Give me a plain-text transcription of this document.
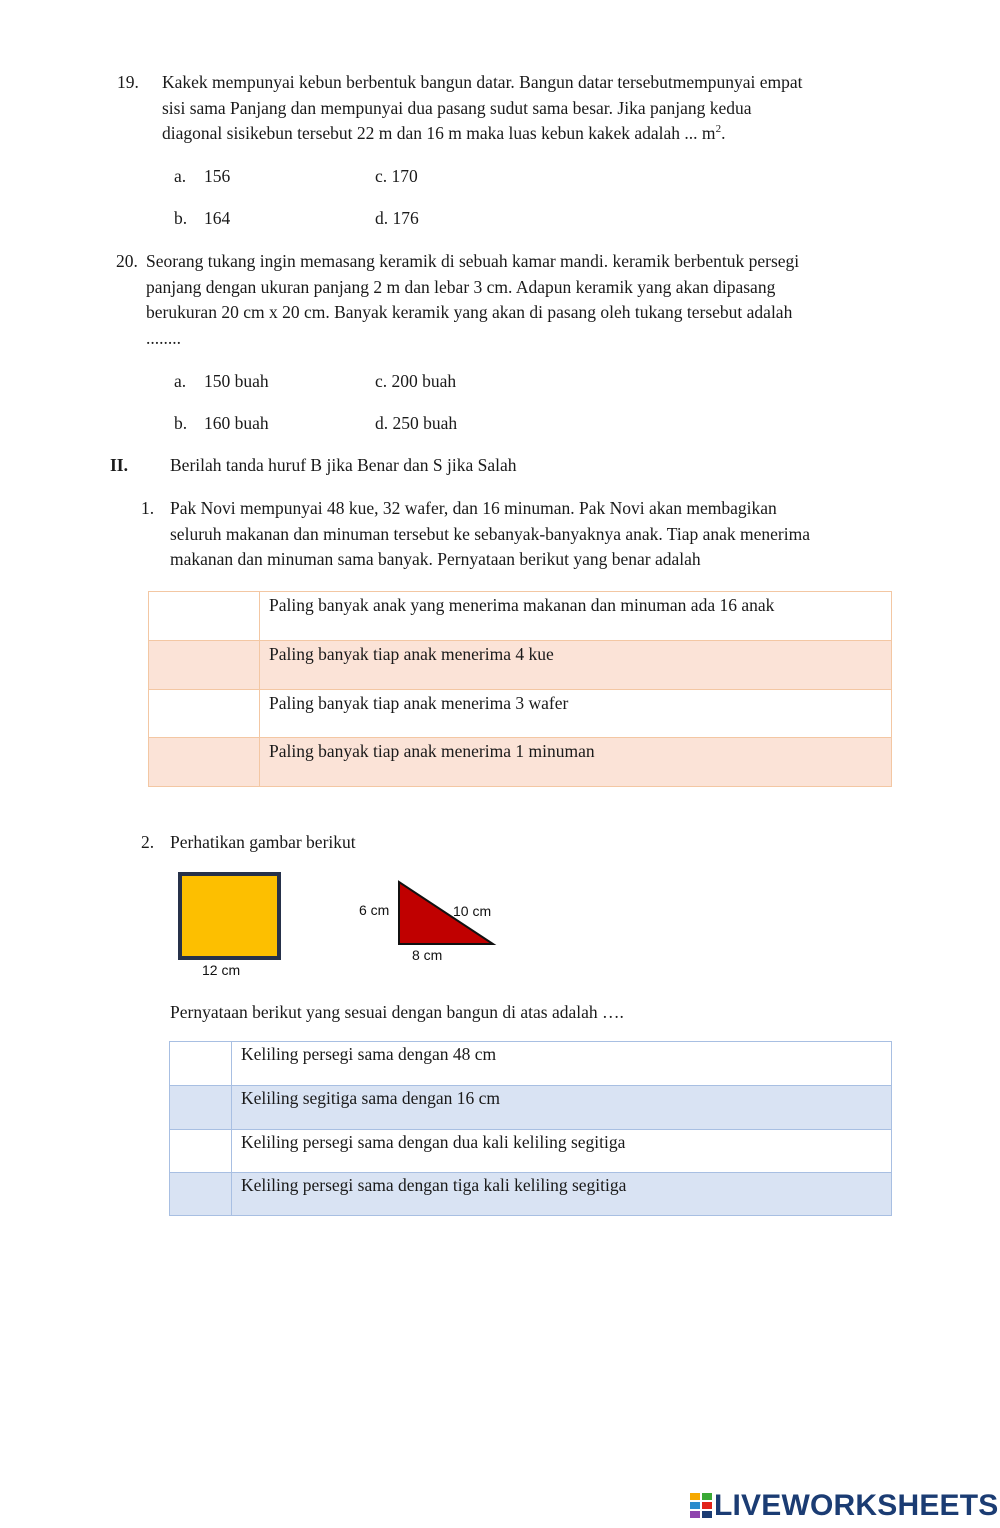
19. Kakek mempunyai kebun berbentuk bangun datar. Bangun datar tersebutmempunyai empat
sisi sama Panjang dan mempunyai dua pasang sudut sama besar. Jika panjang kedua
diagonal sisikebun tersebut 22 m dan 16 m maka luas kebun kakek adalah ... $m^2$.
a. 156	c. 170
b. 164	d. 176
20. Seorang tukang ingin memasang keramik di sebuah kamar mandi. keramik berbentuk persegi
panjang dengan ukuran panjang 2 m dan lebar 3 cm. Adapun keramik yang akan dipasang
berukuran 20 cm x 20 cm. Banyak keramik yang akan di pasang oleh tukang tersebut adalah
........
a. 150 buah	c. 200 buah
b. 160 buah	d. 250 buah
II. Berilah tanda huruf B jika Benar dan S jika Salah
1. Pak Novi mempunyai 48 kue, 32 wafer, dan 16 minuman. Pak Novi akan membagikan
seluruh makanan dan minuman tersebut ke sebanyak-banyaknya anak. Tiap anak menerima
makanan dan minuman sama banyak. Pernyataan berikut yang benar adalah
	Paling banyak anak yang menerima makanan dan minuman ada 16 anak
	Paling banyak tiap anak menerima 4 kue
	Paling banyak tiap anak menerima 3 wafer
	Paling banyak tiap anak menerima 1 minuman
2. Perhatikan gambar berikut
12 cm
6 cm	10 cm
8 cm
Pernyataan berikut yang sesuai dengan bangun di atas adalah ….
	Keliling persegi sama dengan 48 cm
	Keliling segitiga sama dengan 16 cm
	Keliling persegi sama dengan dua kali keliling segitiga
	Keliling persegi sama dengan tiga kali keliling segitiga
LIVEWORKSHEETS
